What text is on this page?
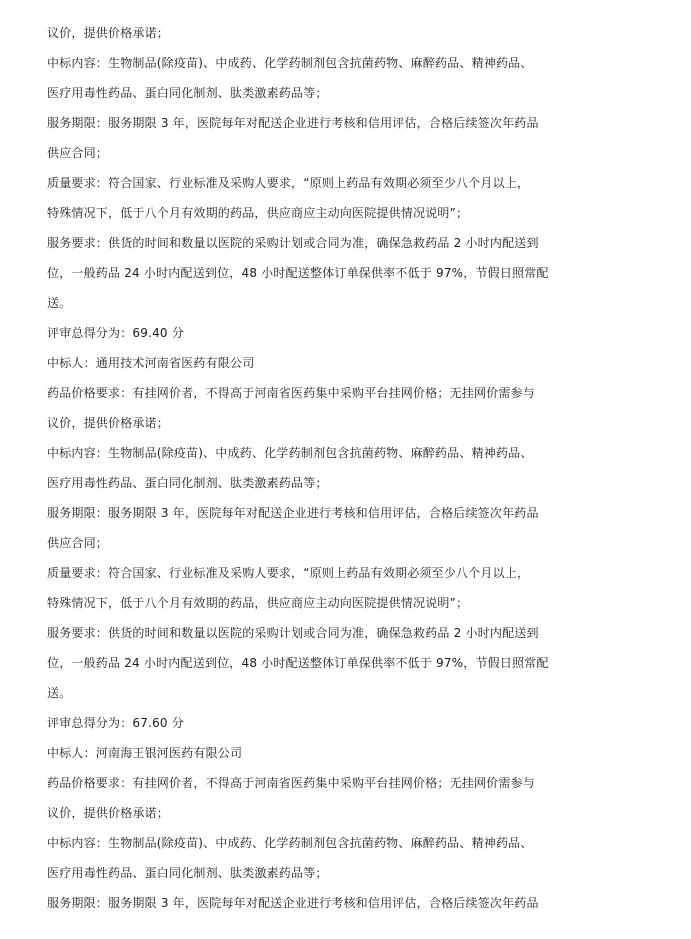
议价，提供价格承诺；
中标内容：生物制品(除疫苗)、中成药、化学药制剂包含抗菌药物、麻醉药品、精神药品、
医疗用毒性药品、蛋白同化制剂、肽类激素药品等；
服务期限：服务期限 3 年，医院每年对配送企业进行考核和信用评估，合格后续签次年药品
供应合同；
质量要求：符合国家、行业标准及采购人要求，“原则上药品有效期必须至少八个月以上，
特殊情况下，低于八个月有效期的药品，供应商应主动向医院提供情况说明”；
服务要求：供货的时间和数量以医院的采购计划或合同为准，确保急救药品 2 小时内配送到
位，一般药品 24 小时内配送到位，48 小时配送整体订单保供率不低于 97%，节假日照常配
送。
评审总得分为：69.40 分
中标人：通用技术河南省医药有限公司
药品价格要求：有挂网价者，不得高于河南省医药集中采购平台挂网价格；无挂网价需参与
议价，提供价格承诺；
中标内容：生物制品(除疫苗)、中成药、化学药制剂包含抗菌药物、麻醉药品、精神药品、
医疗用毒性药品、蛋白同化制剂、肽类激素药品等；
服务期限：服务期限 3 年，医院每年对配送企业进行考核和信用评估，合格后续签次年药品
供应合同；
质量要求：符合国家、行业标准及采购人要求，“原则上药品有效期必须至少八个月以上，
特殊情况下，低于八个月有效期的药品，供应商应主动向医院提供情况说明”；
服务要求：供货的时间和数量以医院的采购计划或合同为准，确保急救药品 2 小时内配送到
位，一般药品 24 小时内配送到位，48 小时配送整体订单保供率不低于 97%，节假日照常配
送。
评审总得分为：67.60 分
中标人：河南海王银河医药有限公司
药品价格要求：有挂网价者，不得高于河南省医药集中采购平台挂网价格；无挂网价需参与
议价，提供价格承诺；
中标内容：生物制品(除疫苗)、中成药、化学药制剂包含抗菌药物、麻醉药品、精神药品、
医疗用毒性药品、蛋白同化制剂、肽类激素药品等；
服务期限：服务期限 3 年，医院每年对配送企业进行考核和信用评估，合格后续签次年药品
